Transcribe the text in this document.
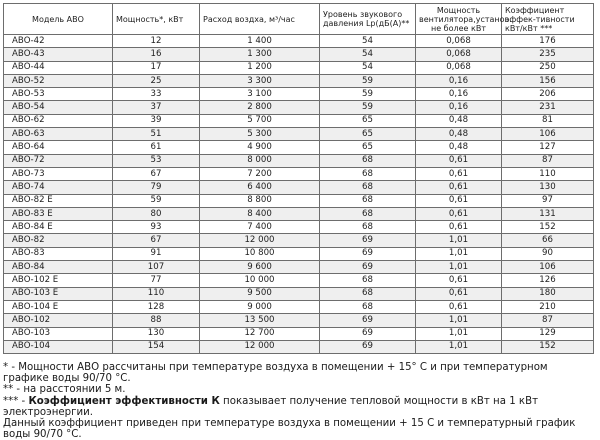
Модель АВО	Мощность*, кВт	Расход воздха, м³/час	Уровень звукового давления Lp(дБ(А)**	Мощность вентилятора,установ. не более кВт	Коэффициент эффек-тивности кВт/кВт ***
АВО-42	12	1 400	54	0,068	176
АВО-43	16	1 300	54	0,068	235
АВО-44	17	1 200	54	0,068	250
АВО-52	25	3 300	59	0,16	156
АВО-53	33	3 100	59	0,16	206
АВО-54	37	2 800	59	0,16	231
АВО-62	39	5 700	65	0,48	81
АВО-63	51	5 300	65	0,48	106
АВО-64	61	4 900	65	0,48	127
АВО-72	53	8 000	68	0,61	87
АВО-73	67	7 200	68	0,61	110
АВО-74	79	6 400	68	0,61	130
АВО-82 Е	59	8 800	68	0,61	97
АВО-83 Е	80	8 400	68	0,61	131
АВО-84 Е	93	7 400	68	0,61	152
АВО-82	67	12 000	69	1,01	66
АВО-83	91	10 800	69	1,01	90
АВО-84	107	9 600	69	1,01	106
АВО-102 Е	77	10 000	68	0,61	126
АВО-103 Е	110	9 500	68	0,61	180
АВО-104 Е	128	9 000	68	0,61	210
АВО-102	88	13 500	69	1,01	87
АВО-103	130	12 700	69	1,01	129
АВО-104	154	12 000	69	1,01	152

* - Мощности АВО рассчитаны при температуре воздуха в помещении + 15° С и при температурном графике воды 90/70 °С.

** - на расстоянии 5 м.

*** - Коэффициент эффективности К показывает получение тепловой мощности в кВт на 1 кВт электроэнергии.

Данный коэффициент приведен при температуре воздуха в помещении + 15 С и температурный график воды 90/70 °С.
